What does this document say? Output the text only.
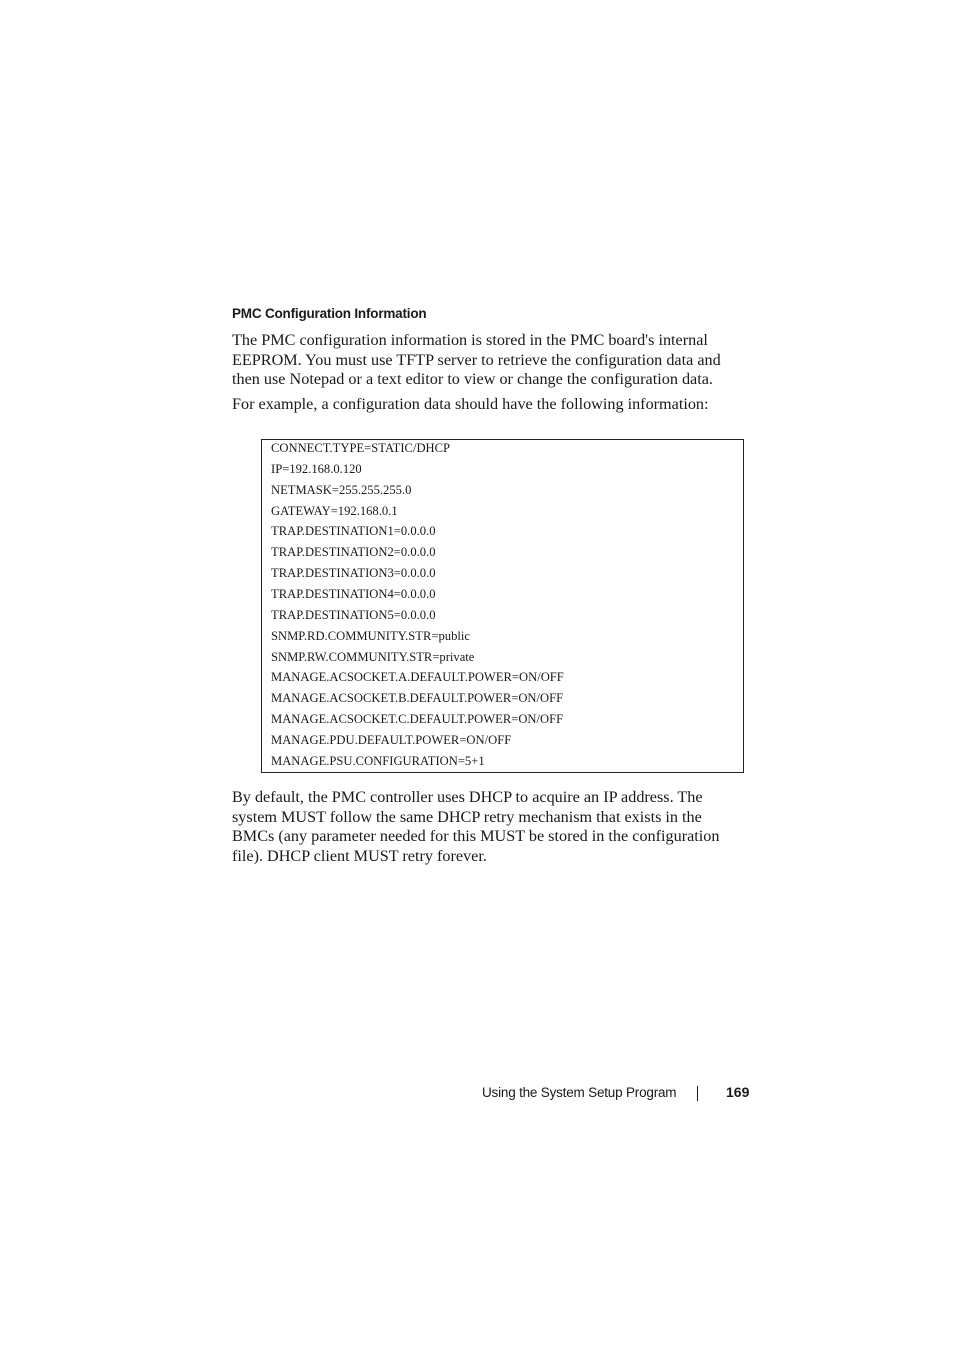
PMC Configuration Information

The PMC configuration information is stored in the PMC board's internal
EEPROM. You must use TFTP server to retrieve the configuration data and
then use Notepad or a text editor to view or change the configuration data.

For example, a configuration data should have the following information:

CONNECT.TYPE=STATIC/DHCP
IP=192.168.0.120
NETMASK=255.255.255.0
GATEWAY=192.168.0.1
TRAP.DESTINATION1=0.0.0.0
TRAP.DESTINATION2=0.0.0.0
TRAP.DESTINATION3=0.0.0.0
TRAP.DESTINATION4=0.0.0.0
TRAP.DESTINATION5=0.0.0.0
SNMP.RD.COMMUNITY.STR=public
SNMP.RW.COMMUNITY.STR=private
MANAGE.ACSOCKET.A.DEFAULT.POWER=ON/OFF
MANAGE.ACSOCKET.B.DEFAULT.POWER=ON/OFF
MANAGE.ACSOCKET.C.DEFAULT.POWER=ON/OFF
MANAGE.PDU.DEFAULT.POWER=ON/OFF
MANAGE.PSU.CONFIGURATION=5+1

By default, the PMC controller uses DHCP to acquire an IP address. The
system MUST follow the same DHCP retry mechanism that exists in the
BMCs (any parameter needed for this MUST be stored in the configuration
file). DHCP client MUST retry forever.

Using the System Setup Program	169
